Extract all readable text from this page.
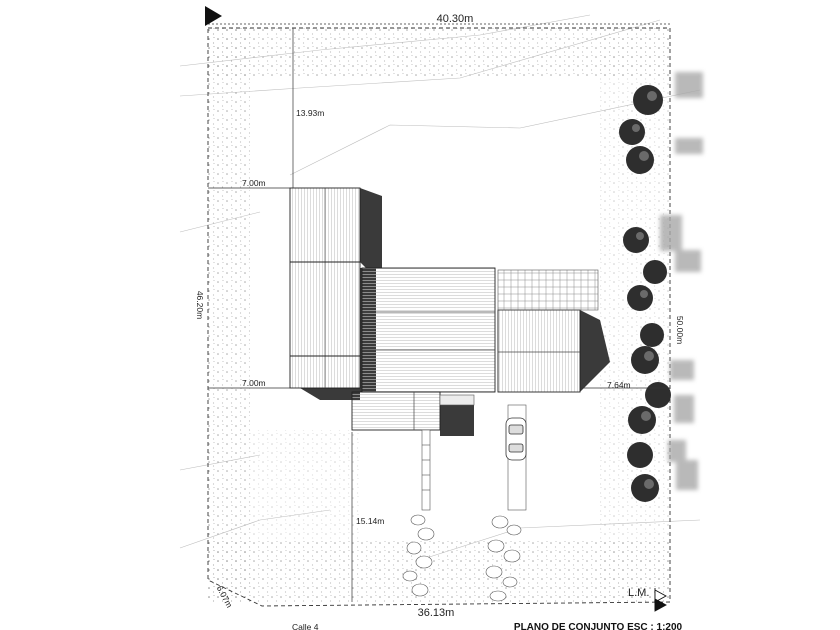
40.30m
13.93m
7.00m
7.00m	7.64m
15.14m
36.13m
46.20m
50.00m
6.07m	L.M.
PLANO DE CONJUNTO ESC : 1:200
Calle 4
